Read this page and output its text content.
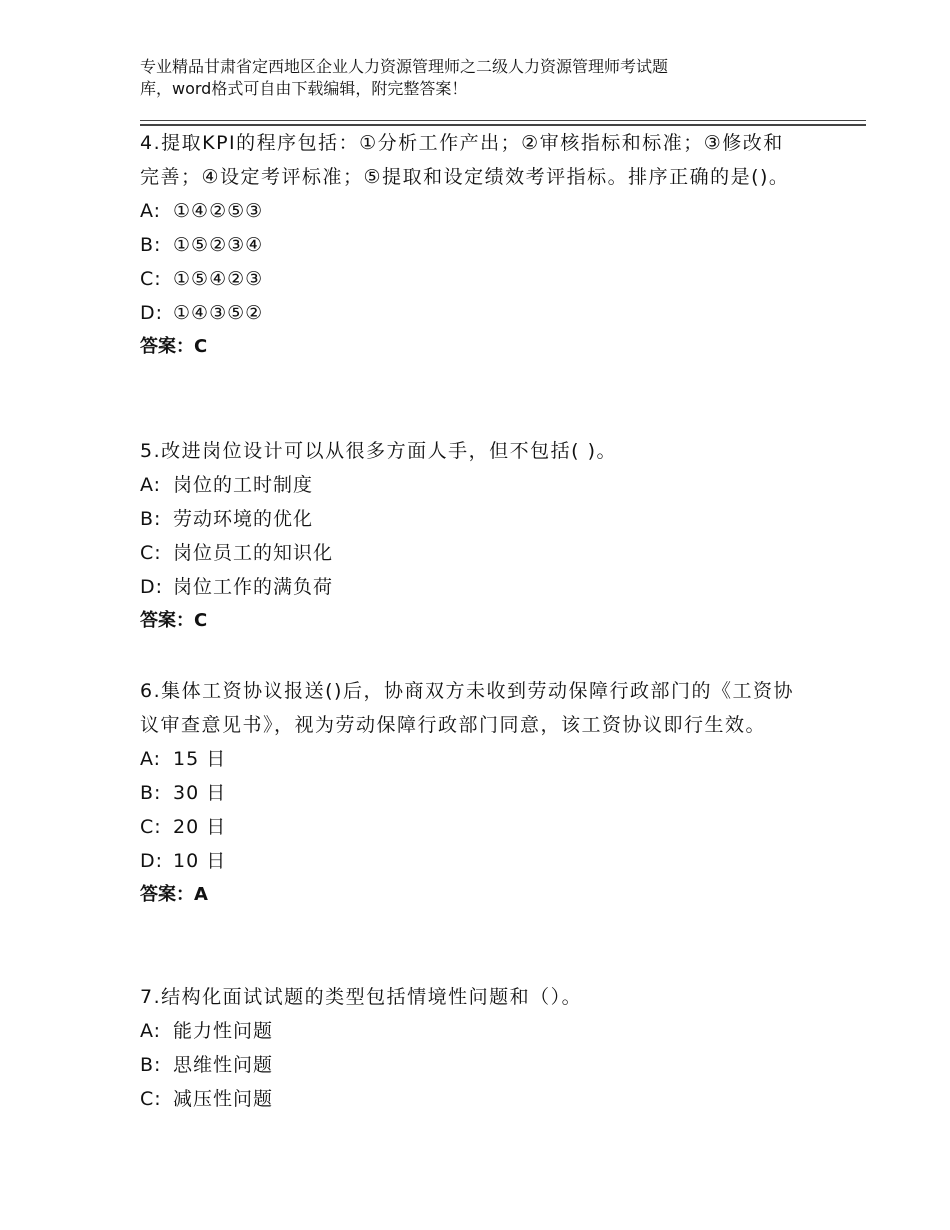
专业精品甘肃省定西地区企业人力资源管理师之二级人力资源管理师考试题
库，word格式可自由下载编辑，附完整答案！
4.提取KPI的程序包括：①分析工作产出；②审核指标和标准；③修改和完善；④设定考评标准；⑤提取和设定绩效考评指标。排序正确的是()。
A: ①④②⑤③
B: ①⑤②③④
C: ①⑤④②③
D: ①④③⑤②
答案：C
5.改进岗位设计可以从很多方面人手，但不包括( )。
A: 岗位的工时制度
B: 劳动环境的优化
C: 岗位员工的知识化
D: 岗位工作的满负荷
答案：C
6.集体工资协议报送()后，协商双方未收到劳动保障行政部门的《工资协议审查意见书》，视为劳动保障行政部门同意，该工资协议即行生效。
A: 15 日
B: 30 日
C: 20 日
D: 10 日
答案：A
7.结构化面试试题的类型包括情境性问题和（）。
A: 能力性问题
B: 思维性问题
C: 减压性问题
